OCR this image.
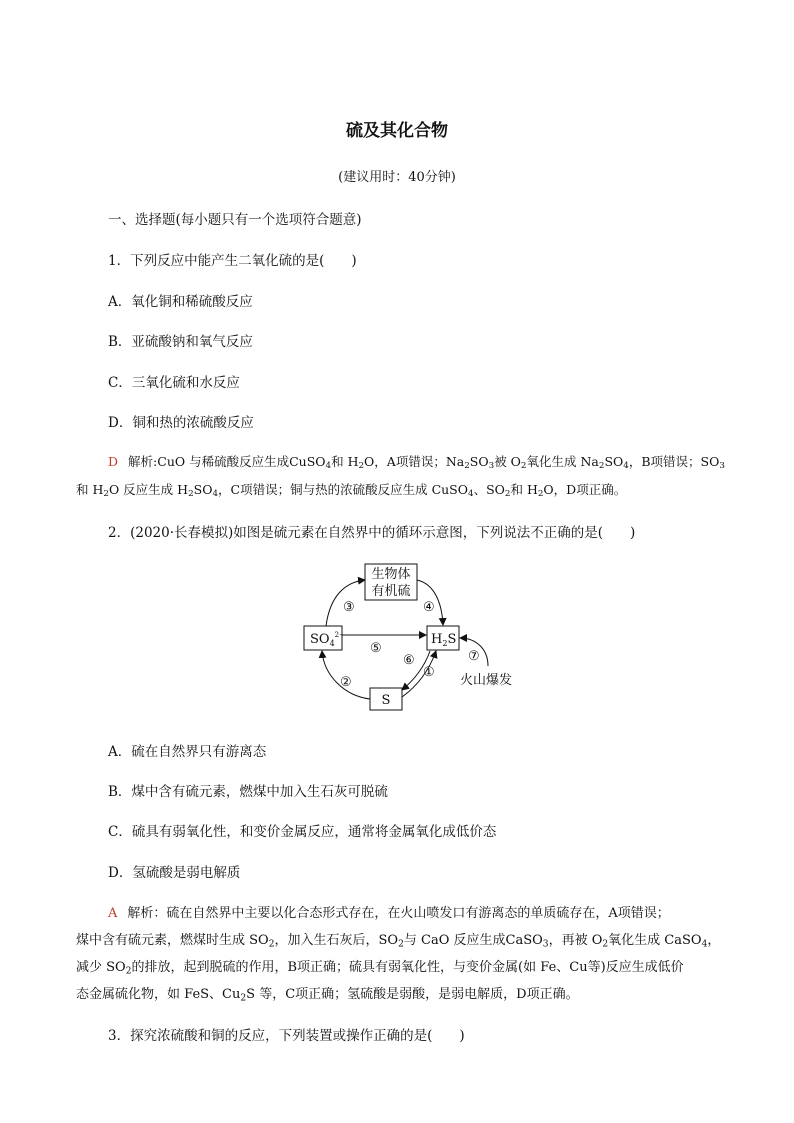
硫及其化合物
(建议用时：40分钟)
一、选择题(每小题只有一个选项符合题意)
1．下列反应中能产生二氧化硫的是(　　)
A．氧化铜和稀硫酸反应
B．亚硫酸钠和氧气反应
C．三氧化硫和水反应
D．铜和热的浓硫酸反应
D 解析:CuO 与稀硫酸反应生成CuSO$_4$和 $H_2O$，A项错误；$Na_2SO_3$被 $O_2$氧化生成 $Na_2SO_4$，B项错误；$SO_3$
和 $H_2O$ 反应生成 $H_2SO_4$，C项错误；铜与热的浓硫酸反应生成 CuSO$_4$、$SO_2$和 $H_2O$，D项正确。
2．(2020·长春模拟)如图是硫元素在自然界中的循环示意图，下列说法不正确的是(　　)
生物体
有机硫
$SO_4^{2-}$	$H_2S$
S
③	④
⑤
②
⑥
①
⑦
火山爆发
A．硫在自然界只有游离态
B．煤中含有硫元素，燃煤中加入生石灰可脱硫
C．硫具有弱氧化性，和变价金属反应，通常将金属氧化成低价态
D．氢硫酸是弱电解质
A 解析：硫在自然界中主要以化合态形式存在，在火山喷发口有游离态的单质硫存在，A项错误；
煤中含有硫元素，燃煤时生成 $SO_2$，加入生石灰后，$SO_2$与 CaO 反应生成CaSO$_3$，再被 $O_2$氧化生成 CaSO$_4$，
减少 $SO_2$的排放，起到脱硫的作用，B项正确；硫具有弱氧化性，与变价金属(如 Fe、Cu等)反应生成低价
态金属硫化物，如 FeS、$Cu_2S$ 等，C项正确；氢硫酸是弱酸，是弱电解质，D项正确。
3．探究浓硫酸和铜的反应，下列装置或操作正确的是(　　)
